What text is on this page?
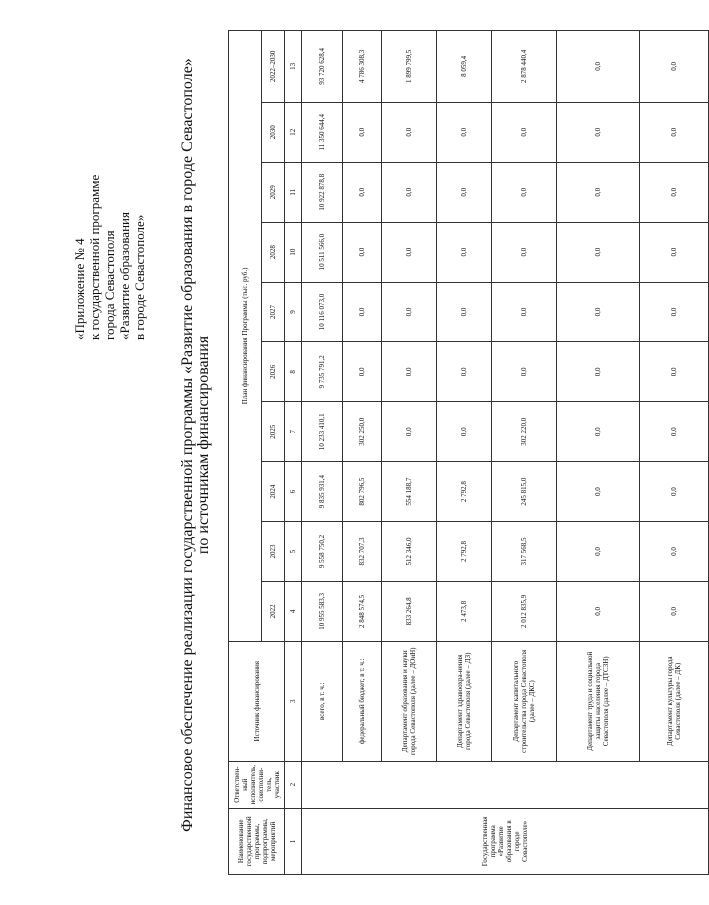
«Приложение № 4 к государственной программе города Севастополя «Развитие образования в городе Севастополе» Финансовое обеспечение реализации государственной программы «Развитие образования в городе Севастополе» по источникам финансирования
Наименование государственной программы, подпрограммы, мероприятий	Ответствен-ный исполнитель, соисполни-тель, участник	Источник финансирования	План финансирования Программы (тыс. руб.)									
			2022	2023	2024	2025	2026	2027	2028	2029	2030	2022–2030
1	2	3	4	5	6	7	8	9	10	11	12	13
Государственная программа «Развитие образования в городе Севастополе»		всего, в т. ч.:	10 955 583,3	9 558 750,2	9 835 931,4	10 233 410,1	9 735 791,2	10 116 073,0	10 511 566,0	10 922 878,8	11 350 644,4	93 720 628,4
		федеральный бюджет, в т. ч.:	2 848 574,5	832 707,3	802 796,5	302 250,0	0,0	0,0	0,0	0,0	0,0	4 786 308,3
		Департамент образования и науки города Севастополя (далее – ДОиН)	833 264,8	512 346,0	554 188,7	0,0	0,0	0,0	0,0	0,0	0,0	1 899 799,5
		Департамент здравоохра-нения города Севастополя (далее – ДЗ)	2 473,8	2 792,8	2 792,8	0,0	0,0	0,0	0,0	0,0	0,0	8 059,4
		Департамент капитального строительства города Севастополя (далее – ДКС)	2 012 835,9	317 568,5	245 815,0	302 220,0	0,0	0,0	0,0	0,0	0,0	2 878 440,4
		Департамент труда и социальной защиты населения города Севастополя (далее – ДТСЗН)	0,0	0,0	0,0	0,0	0,0	0,0	0,0	0,0	0,0	0,0
		Департамент культуры города Севастополя (далее – ДК)	0,0	0,0	0,0	0,0	0,0	0,0	0,0	0,0	0,0	0,0
